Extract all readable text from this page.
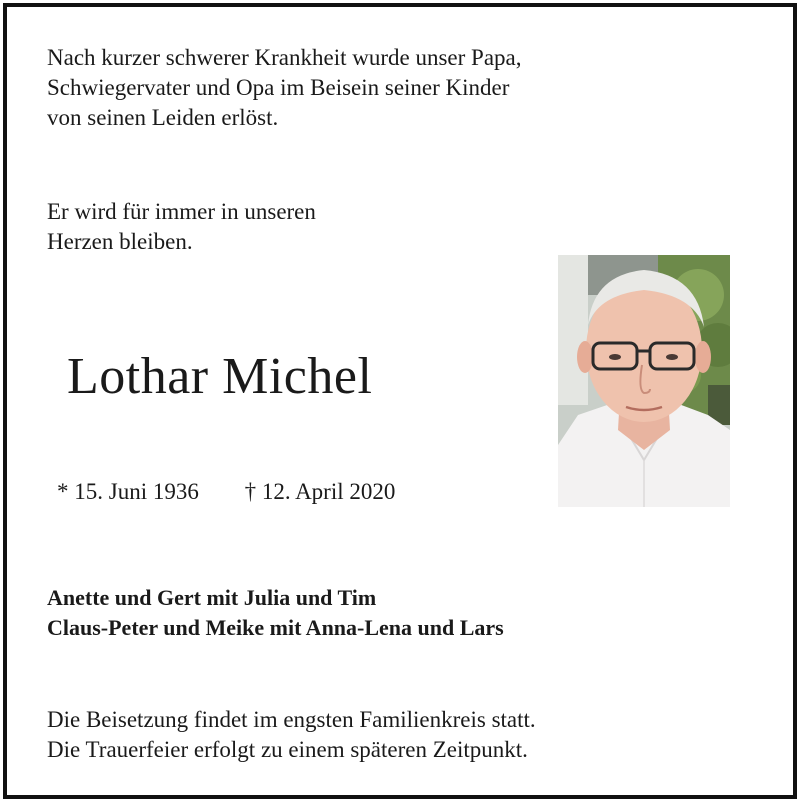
Nach kurzer schwerer Krankheit wurde unser Papa,
Schwiegervater und Opa im Beisein seiner Kinder
von seinen Leiden erlöst.
Er wird für immer in unseren
Herzen bleiben.
Lothar Michel
* 15. Juni 1936 † 12. April 2020
Anette und Gert mit Julia und Tim
Claus-Peter und Meike mit Anna-Lena und Lars
Die Beisetzung findet im engsten Familienkreis statt.
Die Trauerfeier erfolgt zu einem späteren Zeitpunkt.
